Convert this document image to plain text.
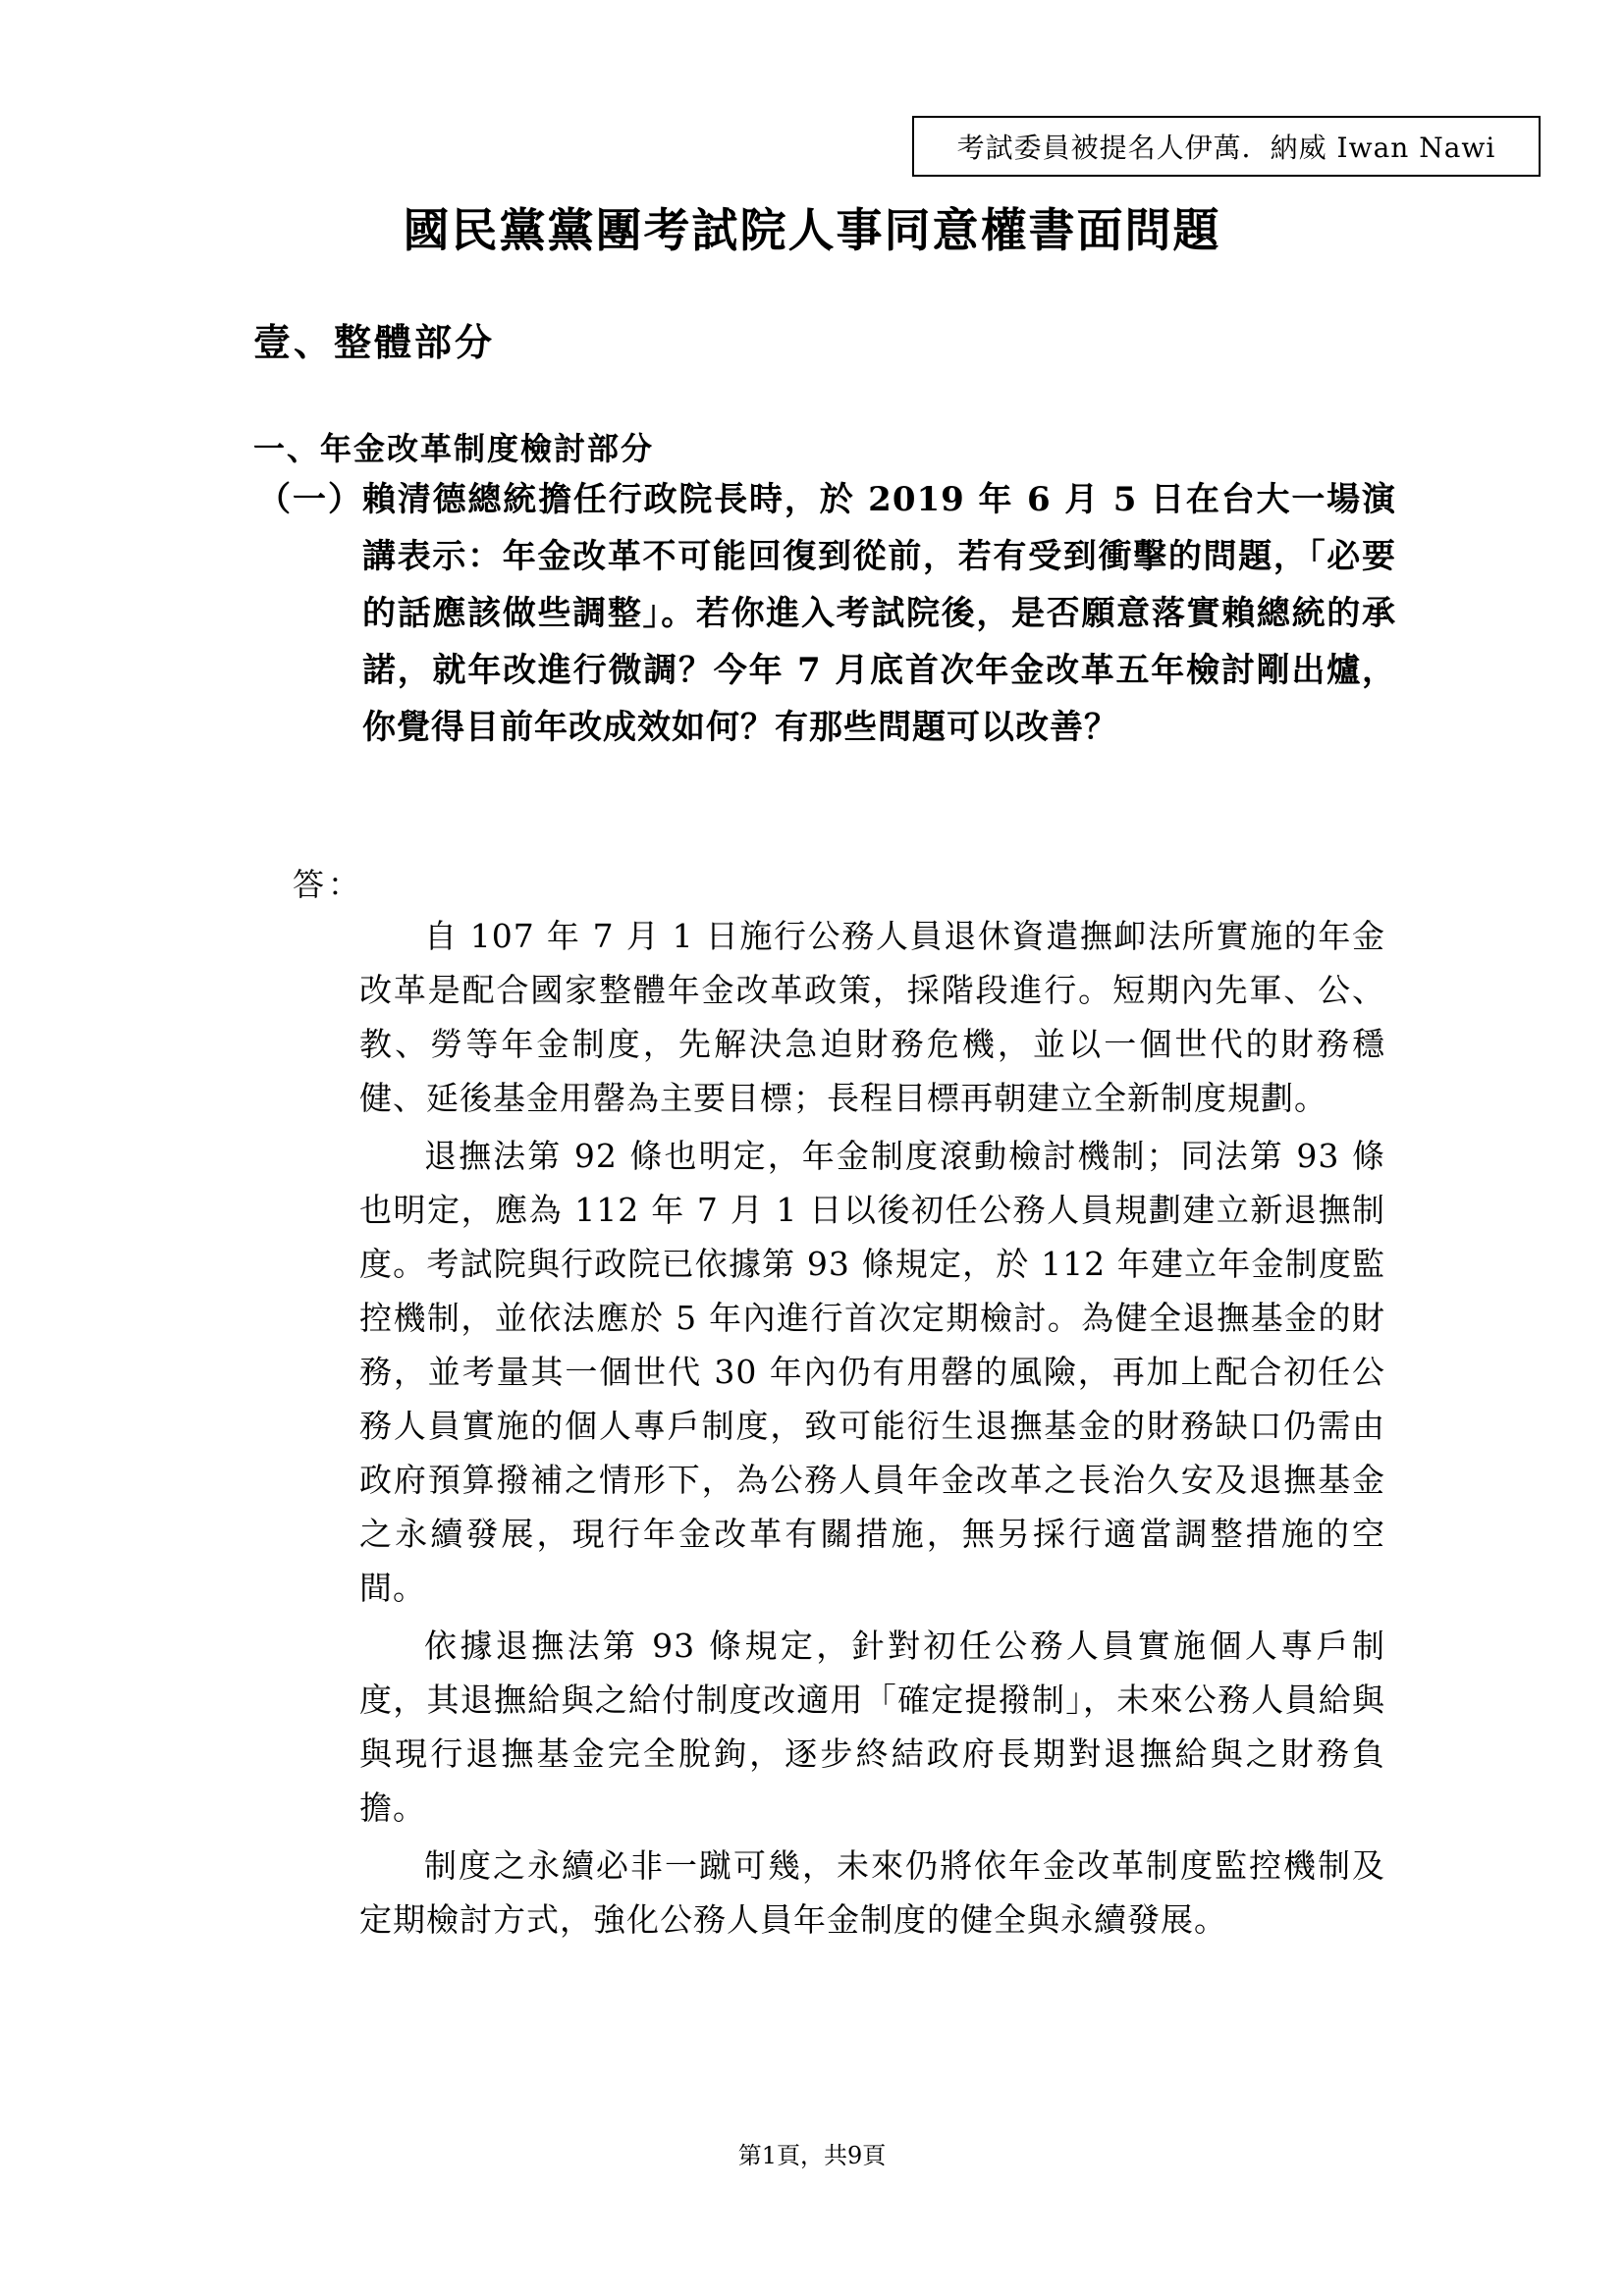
考試委員被提名人伊萬．納威 Iwan Nawi
國民黨黨團考試院人事同意權書面問題
壹、整體部分
一、年金改革制度檢討部分
（一） 賴清德總統擔任行政院長時，於 2019 年 6 月 5 日在台大一場演講表示：年金改革不可能回復到從前，若有受到衝擊的問題，「必要的話應該做些調整」。若你進入考試院後，是否願意落實賴總統的承諾，就年改進行微調？今年 7 月底首次年金改革五年檢討剛出爐，你覺得目前年改成效如何？有那些問題可以改善？
答：

自 107 年 7 月 1 日施行公務人員退休資遣撫卹法所實施的年金改革是配合國家整體年金改革政策，採階段進行。短期內先軍、公、教、勞等年金制度，先解決急迫財務危機，並以一個世代的財務穩健、延後基金用罄為主要目標；長程目標再朝建立全新制度規劃。

退撫法第 92 條也明定，年金制度滾動檢討機制；同法第 93 條也明定，應為 112 年 7 月 1 日以後初任公務人員規劃建立新退撫制度。考試院與行政院已依據第 93 條規定，於 112 年建立年金制度監控機制，並依法應於 5 年內進行首次定期檢討。為健全退撫基金的財務，並考量其一個世代 30 年內仍有用罄的風險，再加上配合初任公務人員實施的個人專戶制度，致可能衍生退撫基金的財務缺口仍需由政府預算撥補之情形下，為公務人員年金改革之長治久安及退撫基金之永續發展，現行年金改革有關措施，無另採行適當調整措施的空間。

依據退撫法第 93 條規定，針對初任公務人員實施個人專戶制度，其退撫給與之給付制度改適用「確定提撥制」，未來公務人員給與與現行退撫基金完全脫鉤，逐步終結政府長期對退撫給與之財務負擔。

制度之永續必非一蹴可幾，未來仍將依年金改革制度監控機制及定期檢討方式，強化公務人員年金制度的健全與永續發展。

第1頁，共9頁
